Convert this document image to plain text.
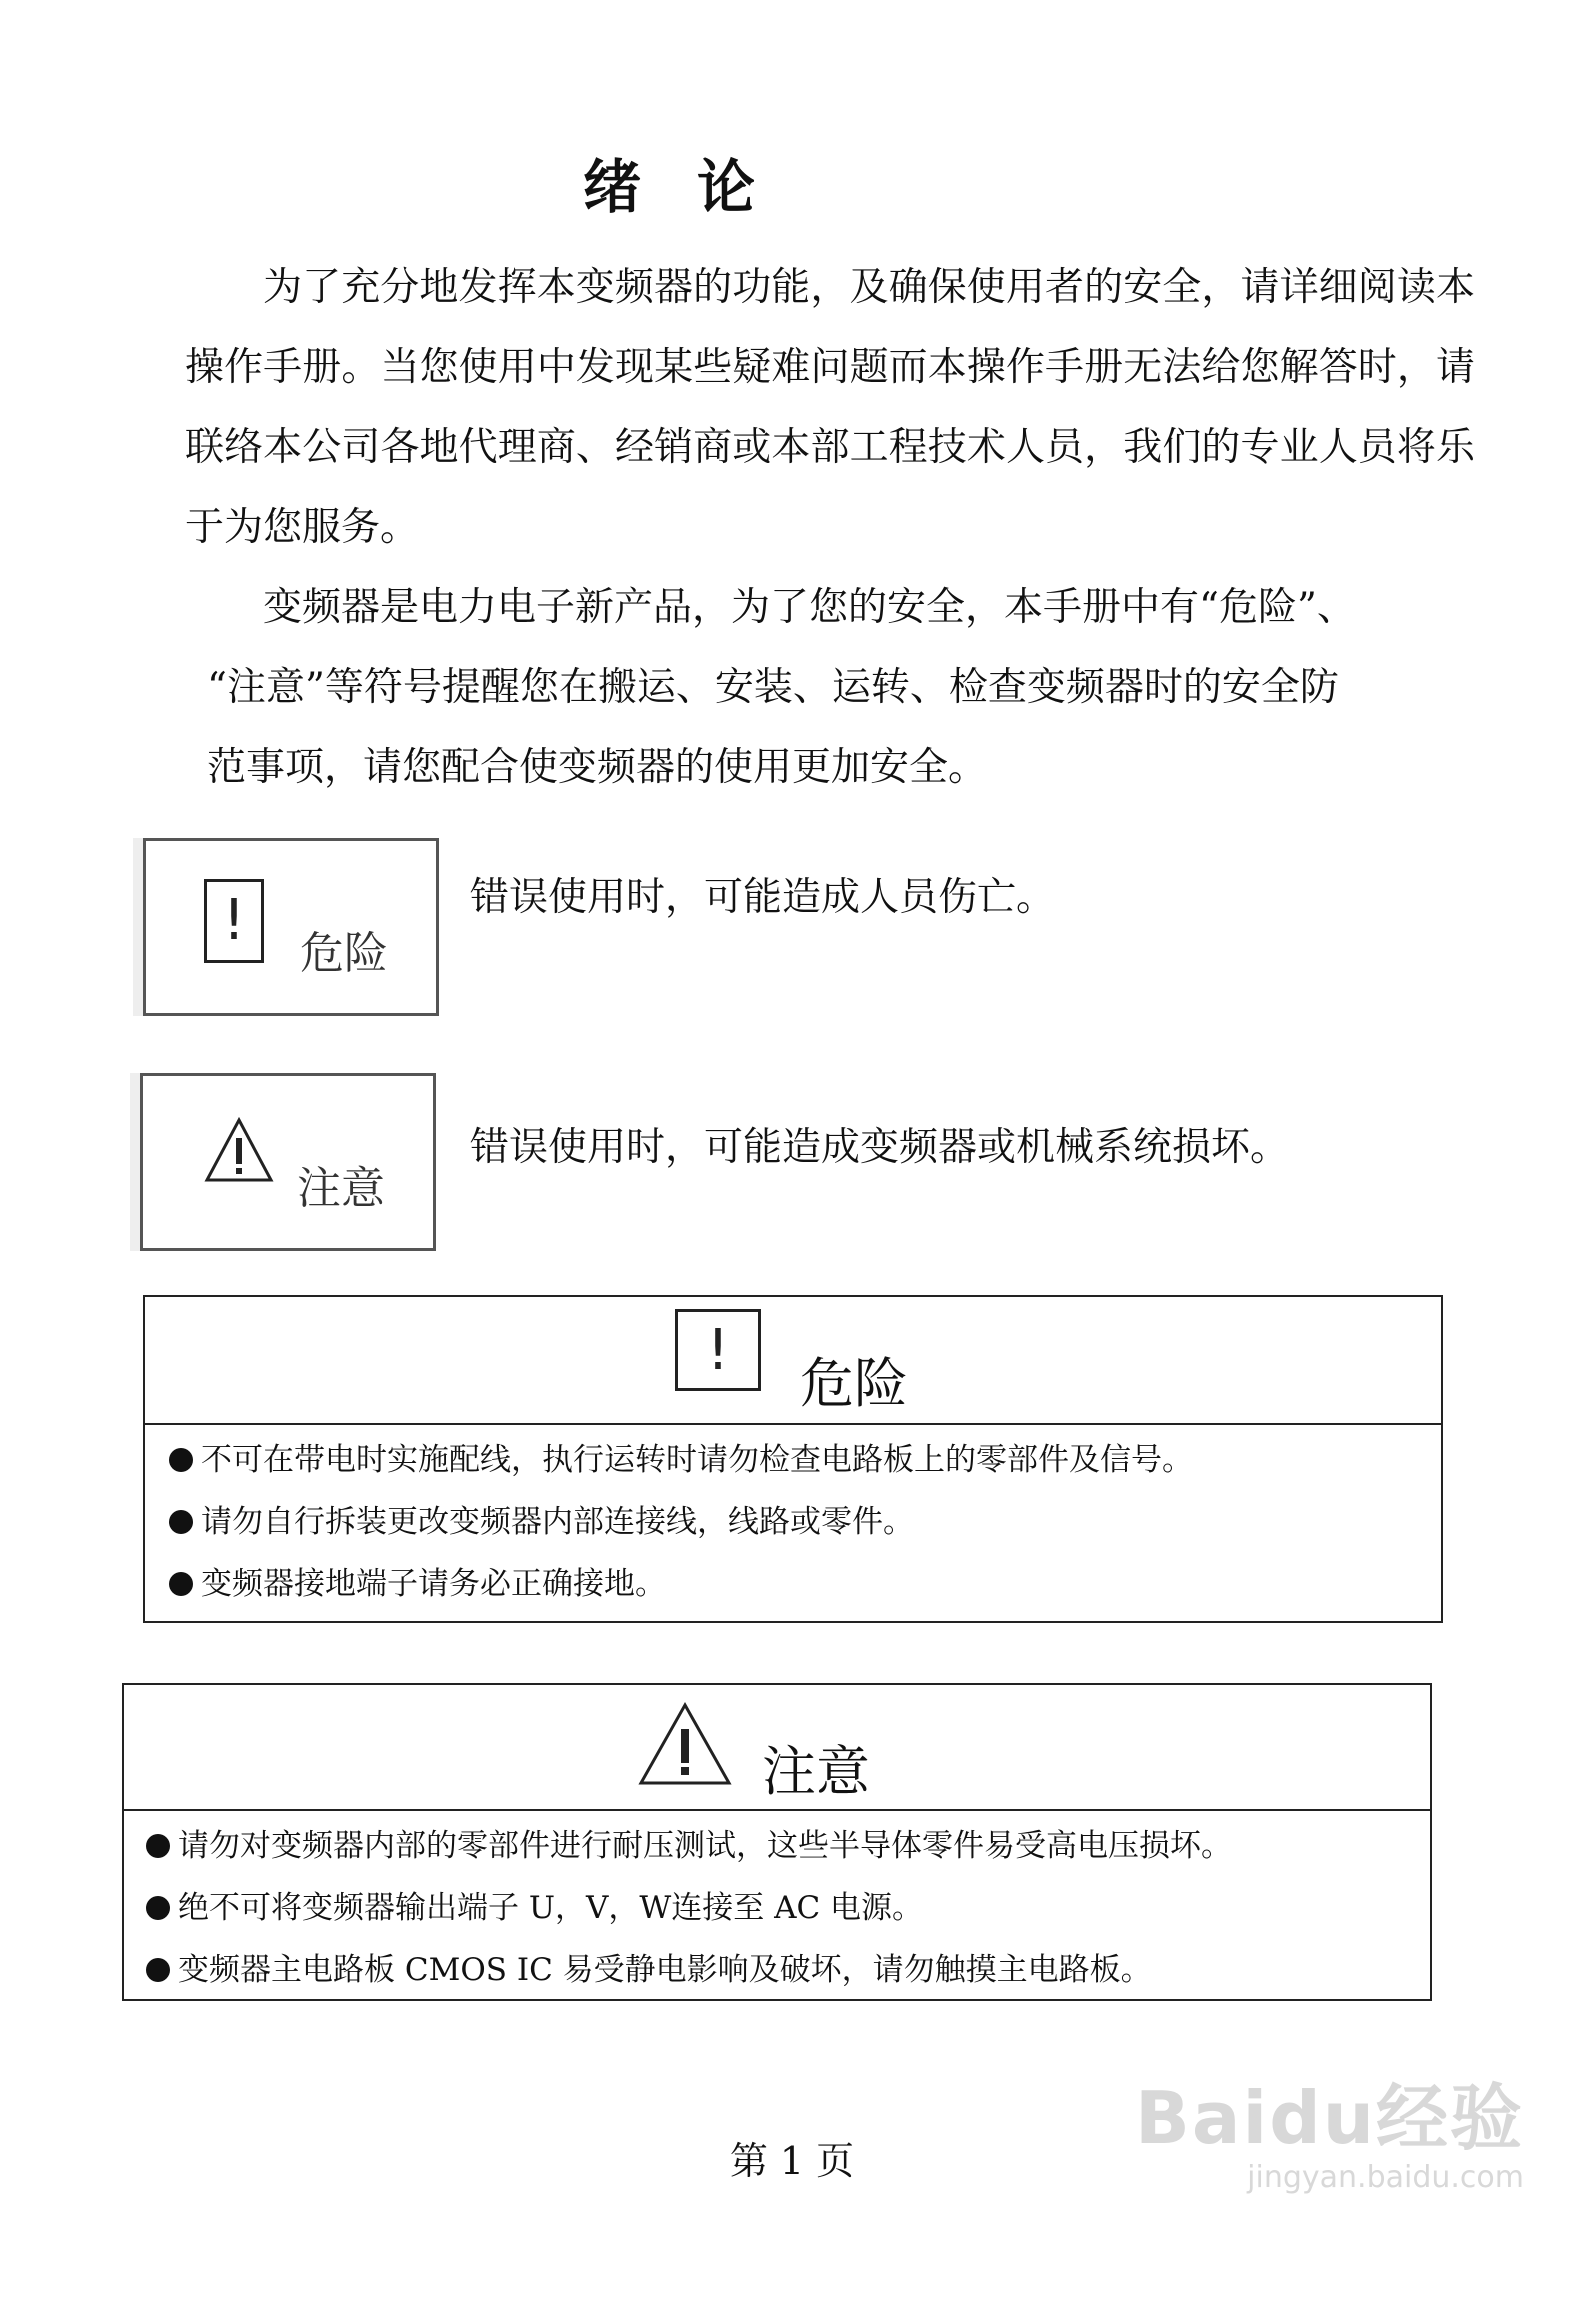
绪论

为了充分地发挥本变频器的功能，及确保使用者的安全，请详细阅读本操作手册。当您使用中发现某些疑难问题而本操作手册无法给您解答时，请联络本公司各地代理商、经销商或本部工程技术人员，我们的专业人员将乐于为您服务。

变频器是电力电子新产品，为了您的安全，本手册中有“危险”、

“注意”等符号提醒您在搬运、安装、运转、检查变频器时的安全防

范事项，请您配合使变频器的使用更加安全。

!
危险
错误使用时，可能造成人员伤亡。
注意
错误使用时，可能造成变频器或机械系统损坏。
!
危险
不可在带电时实施配线，执行运转时请勿检查电路板上的零部件及信号。
请勿自行拆装更改变频器内部连接线，线路或零件。
变频器接地端子请务必正确接地。
注意
请勿对变频器内部的零部件进行耐压测试，这些半导体零件易受高电压损坏。
绝不可将变频器输出端子 U，V，W连接至 AC 电源。
变频器主电路板 CMOS IC 易受静电影响及破坏，请勿触摸主电路板。
第 1 页
Baidu经验
jingyan.baidu.com
